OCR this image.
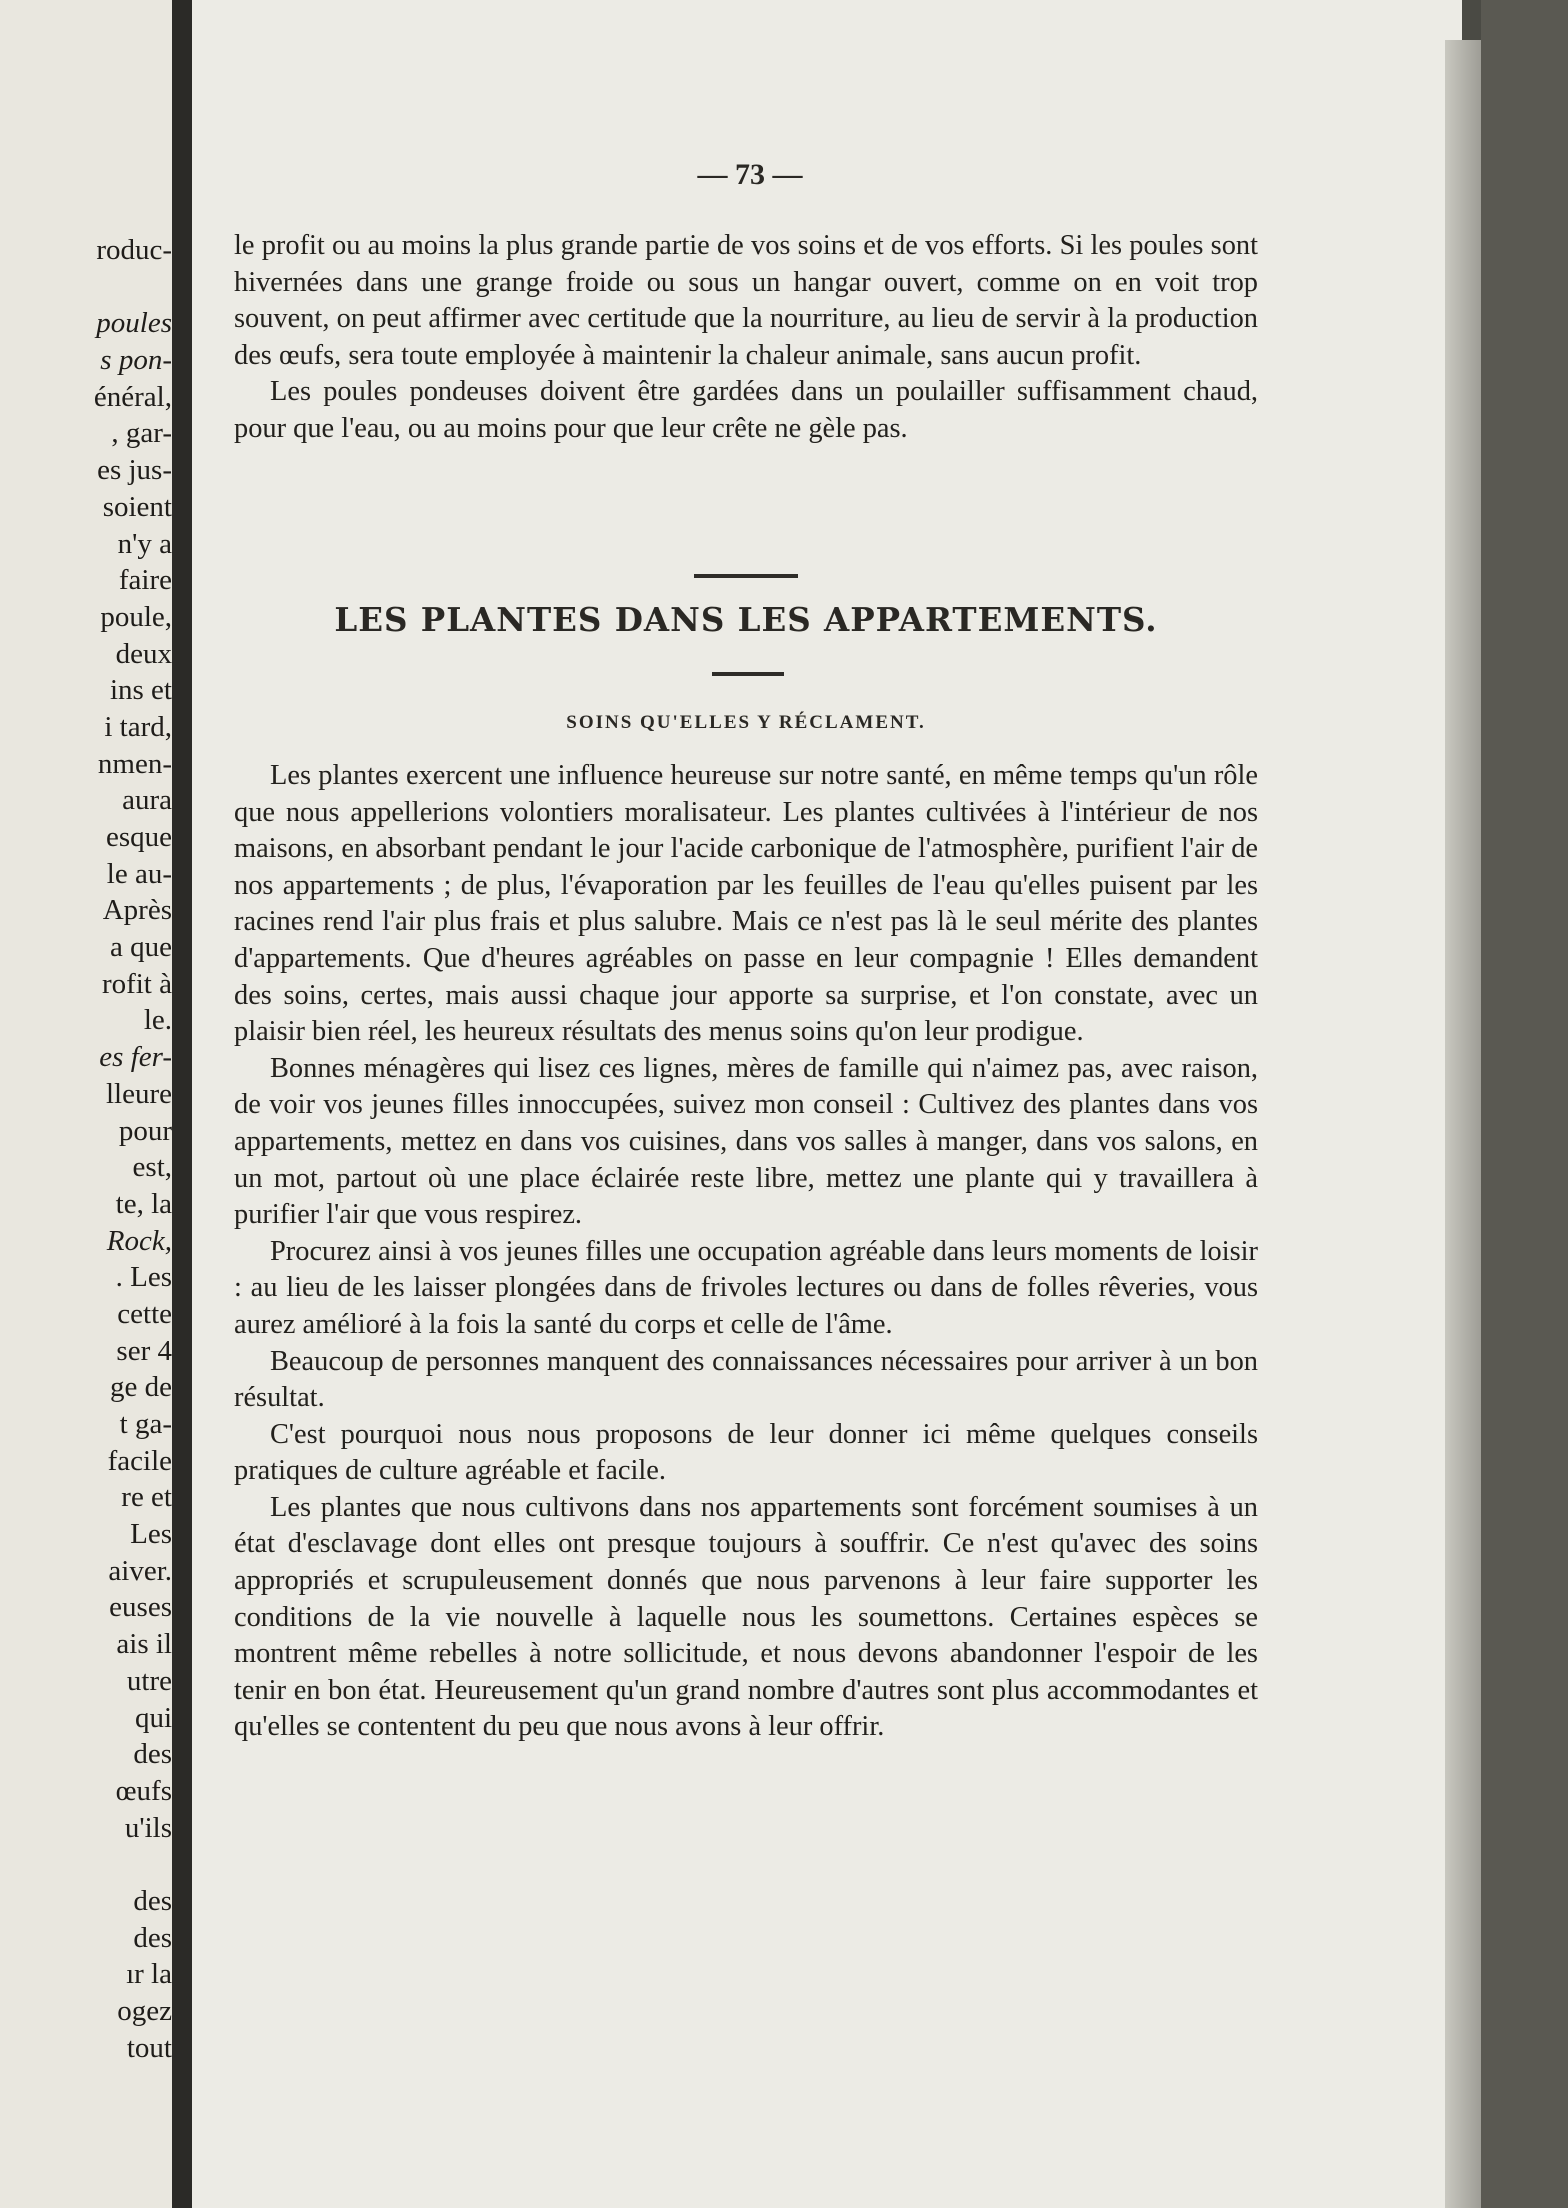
roduc-
poules
s pon-
énéral,
, gar-
es jus-
soient
n'y a
faire
poule,
deux
ins et
i tard,
nmen-
aura
esque
le au-
Après
a que
rofit à
le.
es fer-
lleure
pour
est,
te, la
Rock,
. Les
cette
ser 4
ge de
t ga-
facile
re et
Les
aiver.
euses
ais il
utre
qui
des
œufs
u'ils
des
des
ır la
ogez
tout
— 73 —

le profit ou au moins la plus grande partie de vos soins et de vos efforts. Si les poules sont hivernées dans une grange froide ou sous un hangar ouvert, comme on en voit trop souvent, on peut affirmer avec certitude que la nourriture, au lieu de servir à la production des œufs, sera toute employée à maintenir la chaleur animale, sans aucun profit.

Les poules pondeuses doivent être gardées dans un poulailler suffisamment chaud, pour que l'eau, ou au moins pour que leur crête ne gèle pas.

LES PLANTES DANS LES APPARTEMENTS.
SOINS QU'ELLES Y RÉCLAMENT.

Les plantes exercent une influence heureuse sur notre santé, en même temps qu'un rôle que nous appellerions volontiers moralisateur. Les plantes cultivées à l'intérieur de nos maisons, en absorbant pendant le jour l'acide carbonique de l'atmosphère, purifient l'air de nos appartements ; de plus, l'évaporation par les feuilles de l'eau qu'elles puisent par les racines rend l'air plus frais et plus salubre. Mais ce n'est pas là le seul mérite des plantes d'appartements. Que d'heures agréables on passe en leur compagnie ! Elles demandent des soins, certes, mais aussi chaque jour apporte sa surprise, et l'on constate, avec un plaisir bien réel, les heureux résultats des menus soins qu'on leur prodigue.

Bonnes ménagères qui lisez ces lignes, mères de famille qui n'aimez pas, avec raison, de voir vos jeunes filles innoccupées, suivez mon conseil : Cultivez des plantes dans vos appartements, mettez en dans vos cuisines, dans vos salles à manger, dans vos salons, en un mot, partout où une place éclairée reste libre, mettez une plante qui y travaillera à purifier l'air que vous respirez.

Procurez ainsi à vos jeunes filles une occupation agréable dans leurs moments de loisir : au lieu de les laisser plongées dans de frivoles lectures ou dans de folles rêveries, vous aurez amélioré à la fois la santé du corps et celle de l'âme.

Beaucoup de personnes manquent des connaissances nécessaires pour arriver à un bon résultat.

C'est pourquoi nous nous proposons de leur donner ici même quelques conseils pratiques de culture agréable et facile.

Les plantes que nous cultivons dans nos appartements sont forcément soumises à un état d'esclavage dont elles ont presque toujours à souffrir. Ce n'est qu'avec des soins appropriés et scrupuleusement donnés que nous parvenons à leur faire supporter les conditions de la vie nouvelle à laquelle nous les soumettons. Certaines espèces se montrent même rebelles à notre sollicitude, et nous devons abandonner l'espoir de les tenir en bon état. Heureusement qu'un grand nombre d'autres sont plus accommodantes et qu'elles se contentent du peu que nous avons à leur offrir.
